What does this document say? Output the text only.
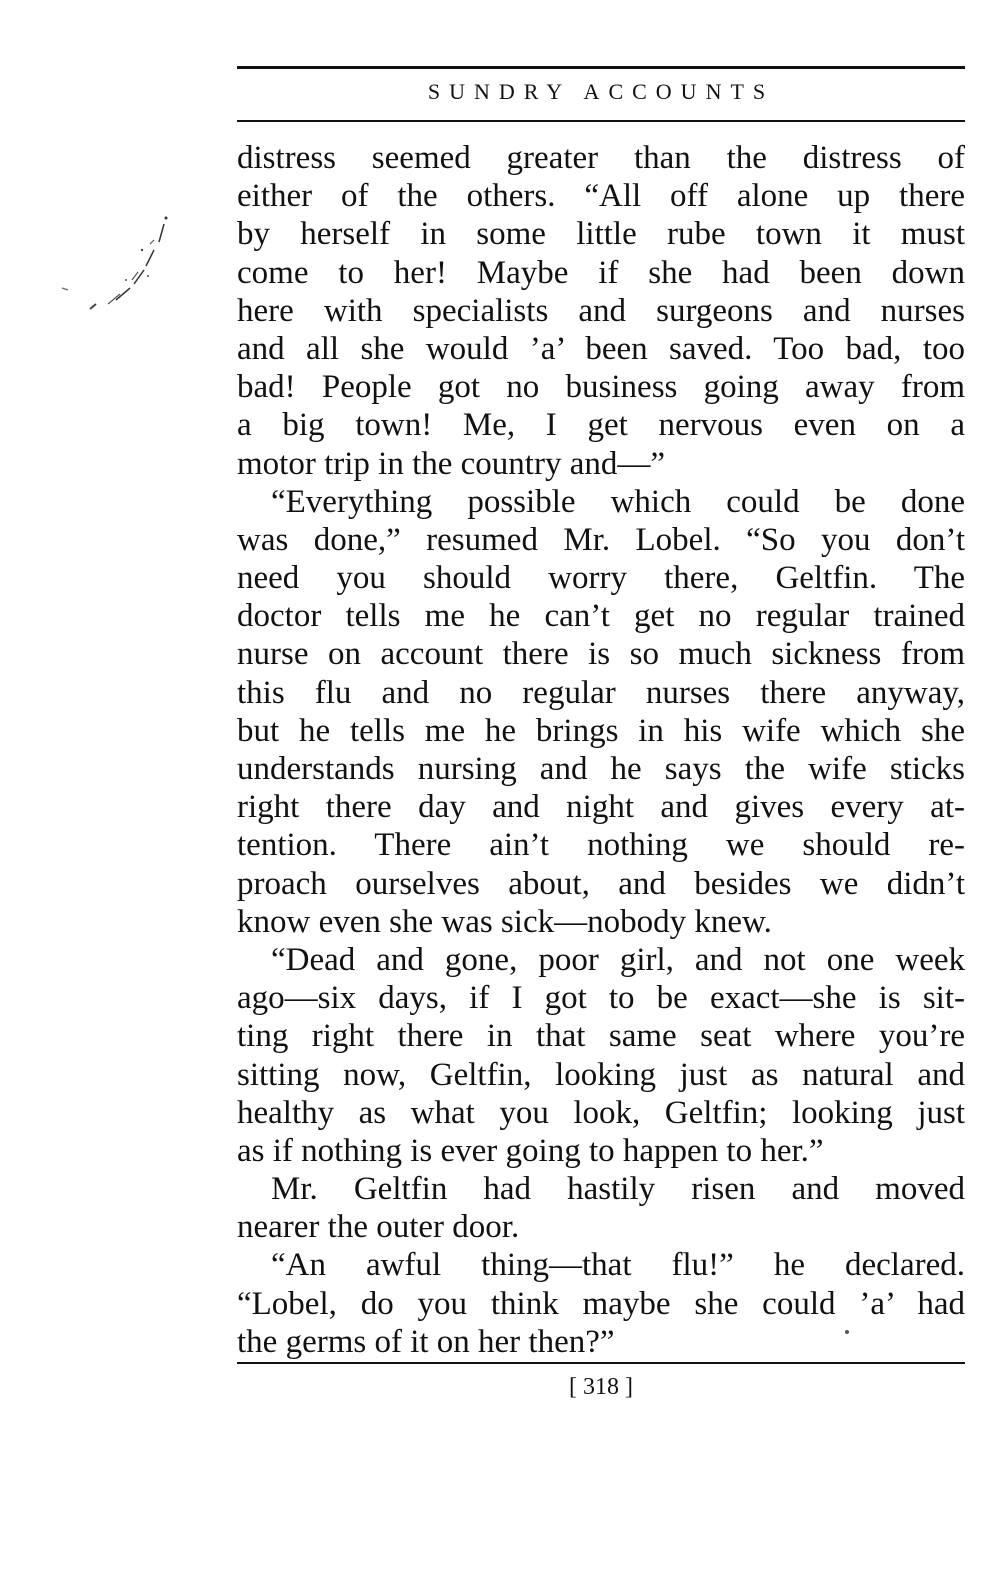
SUNDRY ACCOUNTS
distress seemed greater than the distress of
either of the others. “All off alone up there
by herself in some little rube town it must
come to her! Maybe if she had been down
here with specialists and surgeons and nurses
and all she would ’a’ been saved. Too bad, too
bad! People got no business going away from
a big town! Me, I get nervous even on a
motor trip in the country and—”
“Everything possible which could be done
was done,” resumed Mr. Lobel. “So you don’t
need you should worry there, Geltfin. The
doctor tells me he can’t get no regular trained
nurse on account there is so much sickness from
this flu and no regular nurses there anyway,
but he tells me he brings in his wife which she
understands nursing and he says the wife sticks
right there day and night and gives every at-
tention. There ain’t nothing we should re-
proach ourselves about, and besides we didn’t
know even she was sick—nobody knew.
“Dead and gone, poor girl, and not one week
ago—six days, if I got to be exact—she is sit-
ting right there in that same seat where you’re
sitting now, Geltfin, looking just as natural and
healthy as what you look, Geltfin; looking just
as if nothing is ever going to happen to her.”
Mr. Geltfin had hastily risen and moved
nearer the outer door.
“An awful thing—that flu!” he declared.
“Lobel, do you think maybe she could ’a’ had
the germs of it on her then?”
[ 318 ]
